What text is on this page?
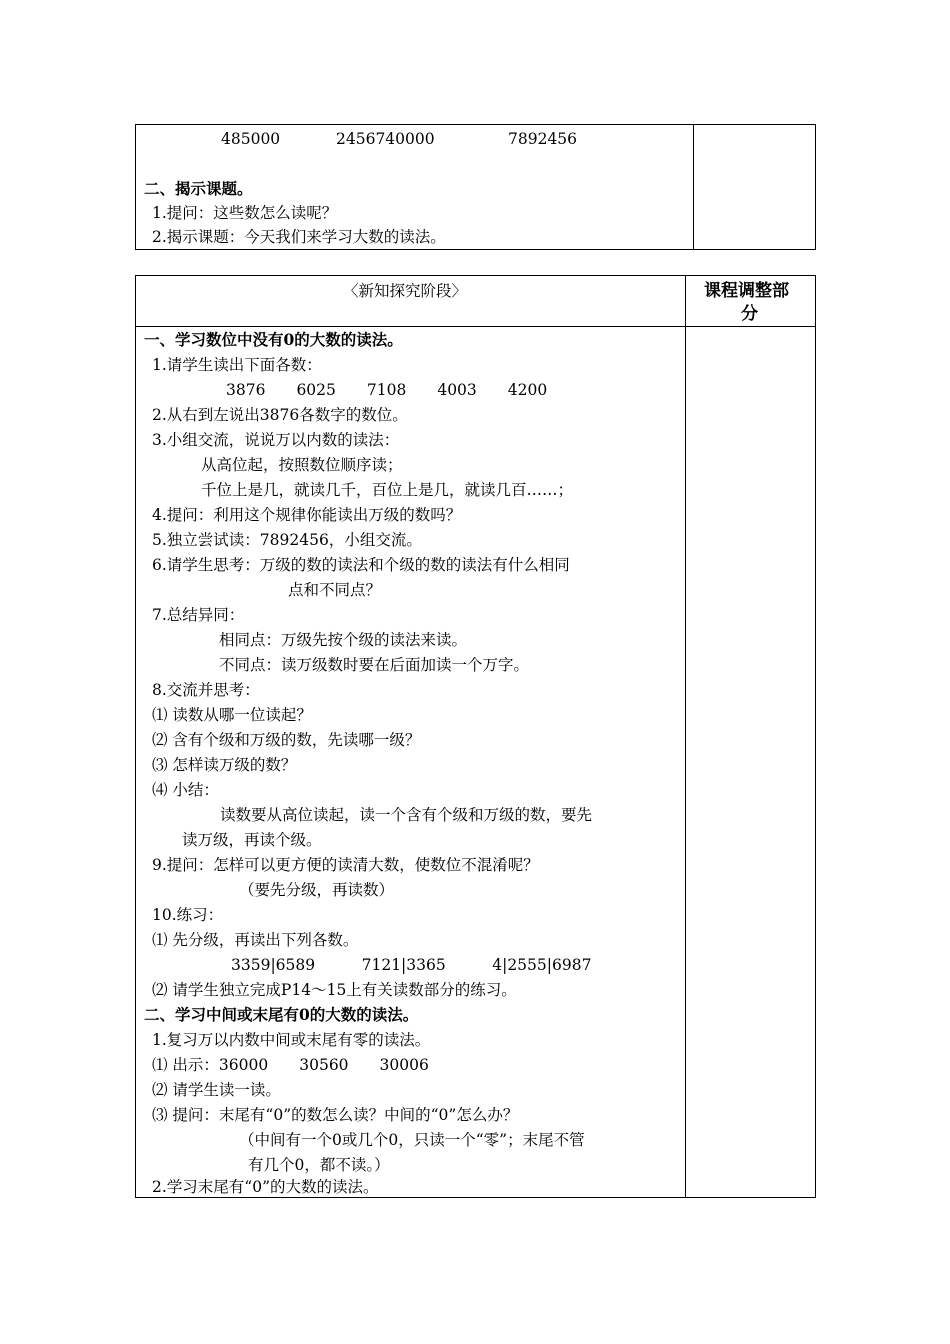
485000	2456740000	7892456
二、揭示课题。
1.提问：这些数怎么读呢？
2.揭示课题：今天我们来学习大数的读法。
〈新知探究阶段〉	课程调整部
分
一、学习数位中没有0的大数的读法。
1.请学生读出下面各数：
3876　　6025　　7108　　4003　　4200
2.从右到左说出3876各数字的数位。
3.小组交流，说说万以内数的读法：
从高位起，按照数位顺序读；
千位上是几，就读几千，百位上是几，就读几百……；
4.提问：利用这个规律你能读出万级的数吗？
5.独立尝试读：7892456，小组交流。
6.请学生思考：万级的数的读法和个级的数的读法有什么相同
点和不同点？
7.总结异同：
相同点：万级先按个级的读法来读。
不同点：读万级数时要在后面加读一个万字。
8.交流并思考：
⑴ 读数从哪一位读起？
⑵ 含有个级和万级的数，先读哪一级？
⑶ 怎样读万级的数？
⑷ 小结：
读数要从高位读起，读一个含有个级和万级的数，要先
读万级，再读个级。
9.提问：怎样可以更方便的读清大数，使数位不混淆呢？
（要先分级，再读数）
10.练习：
⑴ 先分级，再读出下列各数。
3359|6589　　　7121|3365　　　4|2555|6987
⑵ 请学生独立完成P14～15上有关读数部分的练习。
二、学习中间或末尾有0的大数的读法。
1.复习万以内数中间或末尾有零的读法。
⑴ 出示：36000　　30560　　30006
⑵ 请学生读一读。
⑶ 提问：末尾有“0”的数怎么读？中间的“0”怎么办？
（中间有一个0或几个0，只读一个“零”；末尾不管
有几个0，都不读。）
2.学习末尾有“0”的大数的读法。
